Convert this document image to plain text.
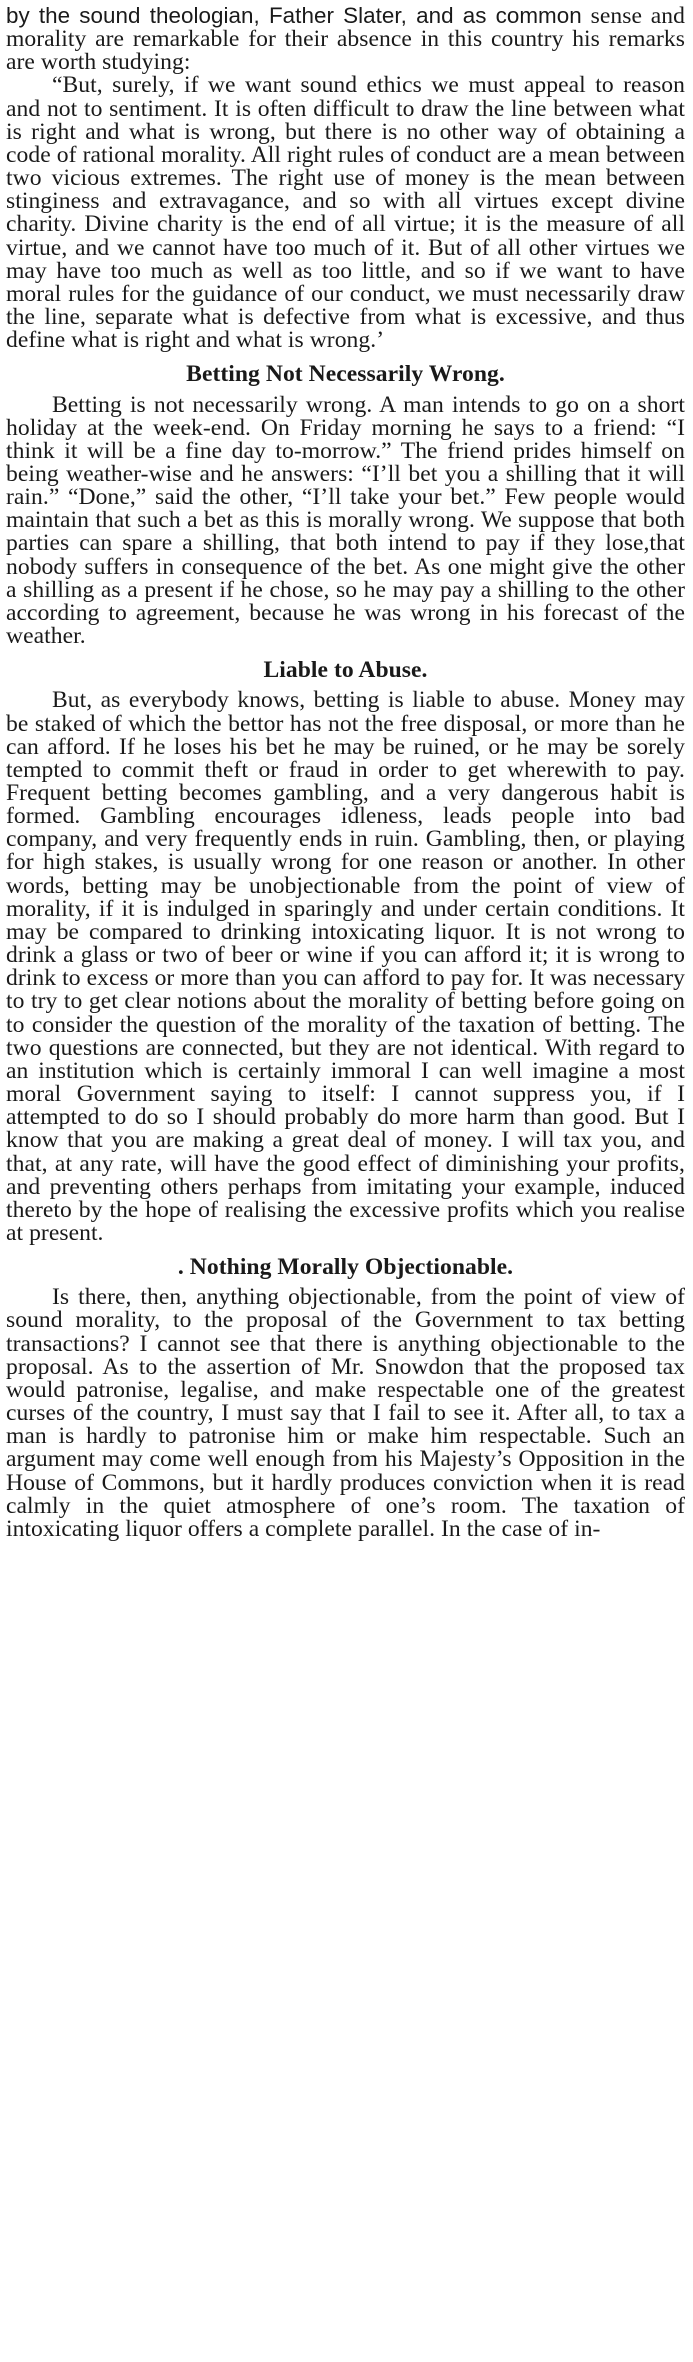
by the sound theologian, Father Slater, and as common sense and morality are remarkable for their absence in this country his remarks are worth studying:

“But, surely, if we want sound ethics we must appeal to reason and not to sentiment. It is often difficult to draw the line between what is right and what is wrong, but there is no other way of obtaining a code of rational morality. All right rules of conduct are a mean between two vicious extremes. The right use of money is the mean between stinginess and extravagance, and so with all virtues except divine charity. Divine charity is the end of all virtue; it is the measure of all virtue, and we cannot have too much of it. But of all other virtues we may have too much as well as too little, and so if we want to have moral rules for the guidance of our conduct, we must necessarily draw the line, separate what is defective from what is excessive, and thus define what is right and what is wrong.’

Betting Not Necessarily Wrong.

Betting is not necessarily wrong. A man intends to go on a short holiday at the week-end. On Friday morning he says to a friend: “I think it will be a fine day to-morrow.” The friend prides himself on being weather-wise and he answers: “I’ll bet you a shilling that it will rain.” “Done,” said the other, “I’ll take your bet.” Few people would maintain that such a bet as this is morally wrong. We suppose that both parties can spare a shilling, that both intend to pay if they lose,that nobody suffers in consequence of the bet. As one might give the other a shilling as a present if he chose, so he may pay a shilling to the other according to agreement, because he was wrong in his forecast of the weather.

Liable to Abuse.

But, as everybody knows, betting is liable to abuse. Money may be staked of which the bettor has not the free disposal, or more than he can afford. If he loses his bet he may be ruined, or he may be sorely tempted to commit theft or fraud in order to get wherewith to pay. Frequent betting becomes gambling, and a very dangerous habit is formed. Gambling encourages idleness, leads people into bad company, and very frequently ends in ruin. Gambling, then, or playing for high stakes, is usually wrong for one reason or another. In other words, betting may be unobjectionable from the point of view of morality, if it is indulged in sparingly and under certain conditions. It may be compared to drinking intoxicating liquor. It is not wrong to drink a glass or two of beer or wine if you can afford it; it is wrong to drink to excess or more than you can afford to pay for. It was necessary to try to get clear notions about the morality of betting before going on to consider the question of the morality of the taxation of betting. The two questions are connected, but they are not identical. With regard to an institution which is certainly immoral I can well imagine a most moral Government saying to itself: I cannot suppress you, if I attempted to do so I should probably do more harm than good. But I know that you are making a great deal of money. I will tax you, and that, at any rate, will have the good effect of diminishing your profits, and preventing others perhaps from imitating your example, induced thereto by the hope of realising the excessive profits which you realise at present.

. Nothing Morally Objectionable.

Is there, then, anything objectionable, from the point of view of sound morality, to the proposal of the Government to tax betting transactions? I cannot see that there is anything objectionable to the proposal. As to the assertion of Mr. Snowdon that the proposed tax would patronise, legalise, and make respectable one of the greatest curses of the country, I must say that I fail to see it. After all, to tax a man is hardly to patronise him or make him respectable. Such an argument may come well enough from his Majesty’s Opposition in the House of Commons, but it hardly produces conviction when it is read calmly in the quiet atmosphere of one’s room. The taxation of intoxicating liquor offers a complete parallel. In the case of in-
